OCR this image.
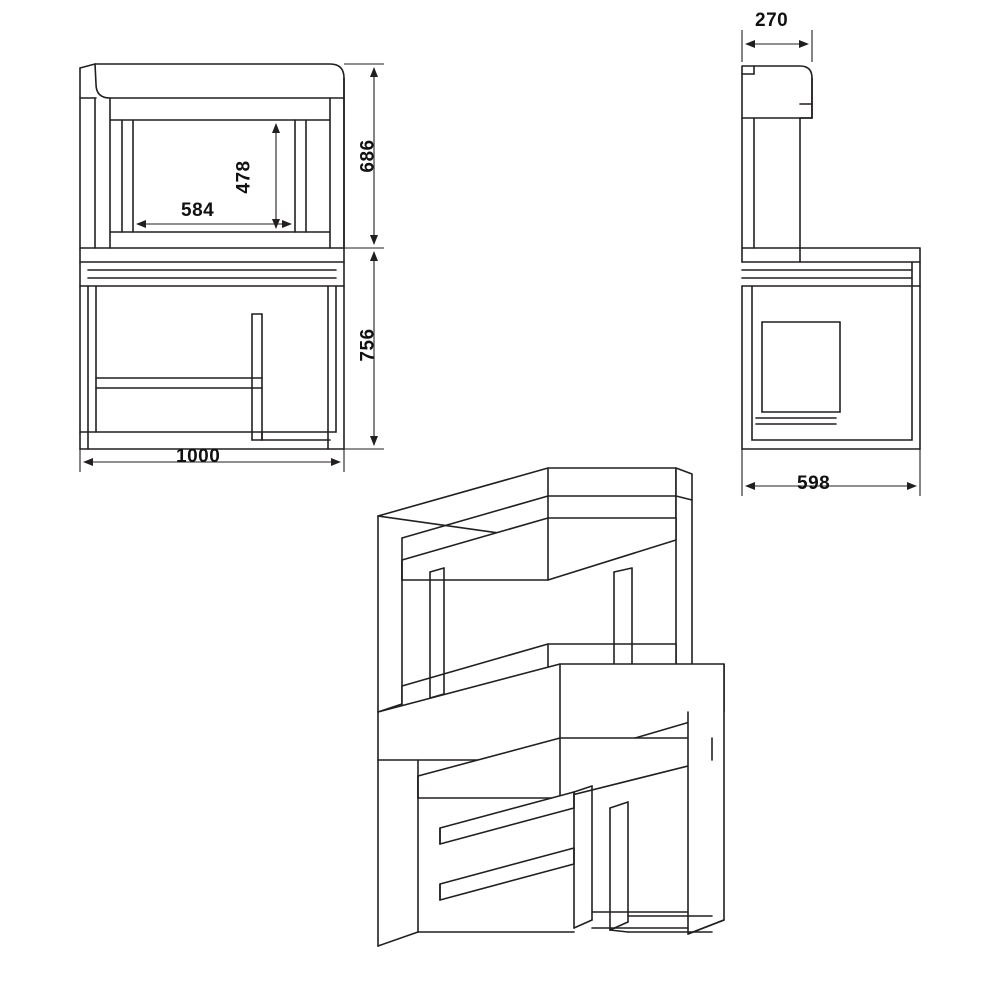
1000
686
756
584
478
270
598
